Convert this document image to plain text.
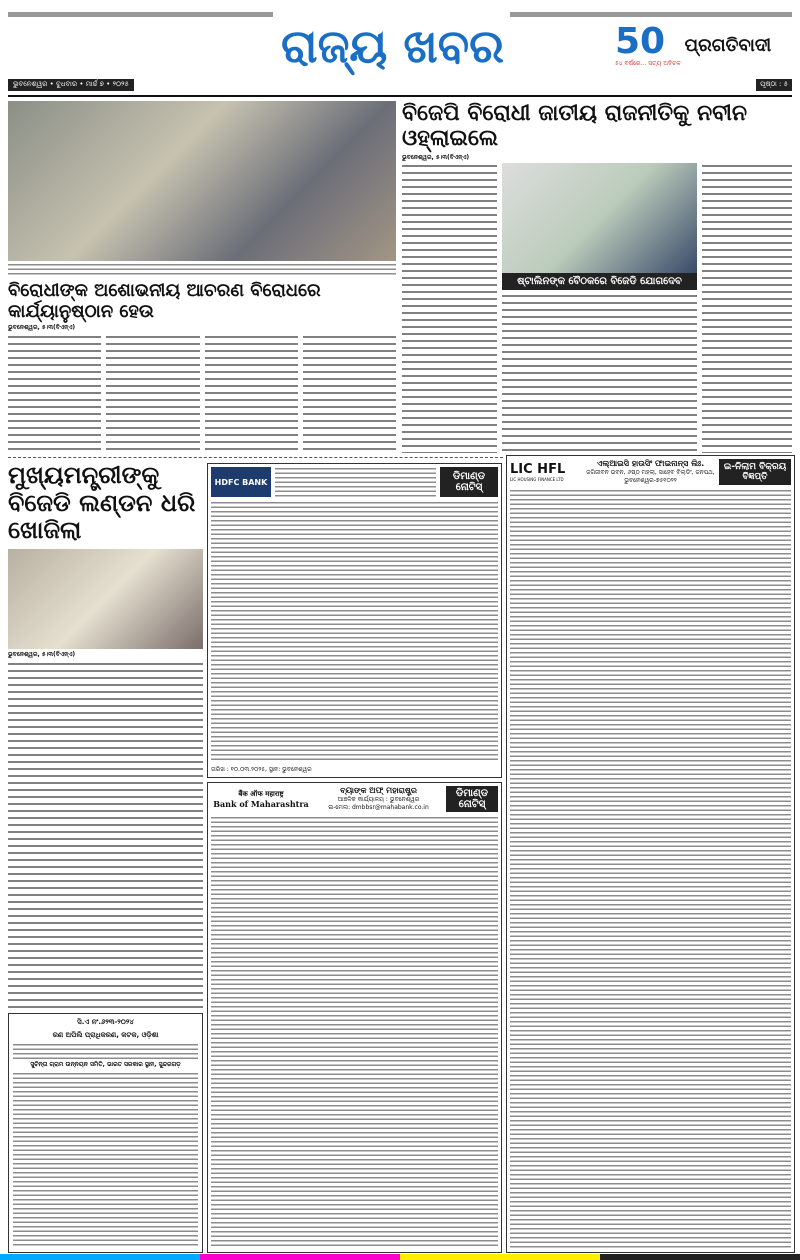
ରାଜ୍ୟ ଖବର	50
୫୪ ବର୍ଷରେ... ସତ୍ୟ ଅବିଚଳ
ପ୍ରଗତିବାଦୀ
ଭୁବନେଶ୍ୱର • ବୁଧବାର • ମାର୍ଚ୍ଚ ୭ • ୨୦୨୫	ପୃଷ୍ଠା : ୫
ବିରୋଧୀଙ୍କ ଅଶୋଭନୀୟ ଆଚରଣ ବିରୋଧରେ କାର୍ଯ୍ୟାନୁଷ୍ଠାନ ହେଉ
ଭୁବନେଶ୍ୱର, ୫।୩(ବିଏନ୍‌ଏ)
ବିଜେପି ବିରୋଧୀ ଜାତୀୟ ରାଜନୀତିକୁ ନବୀନ ଓହ୍ଲାଇଲେ
ଭୁବନେଶ୍ୱର, ୫।୩(ବିଏନ୍‌ଏ)
ଷ୍ଟାଲିନଙ୍କ ବୈଠକରେ ବିଜେଡି ଯୋଗଦେବ
ମୁଖ୍ୟମନ୍ତ୍ରୀଙ୍କୁ ବିଜେଡି ଲଣ୍ଡନ ଧରି ଖୋଜିଲା
ଭୁବନେଶ୍ୱର, ୫।୩(ବିଏନ୍‌ଏ)
ସି.ଏ ନଂ.୬୨୩-୨୦୨୪
ରଣ ଅପିଲି ପ୍ରାଧିକରଣ, କଟକ, ଓଡ଼ିଶା
ସୁଚିନ୍ତା ଗ୍ରାମ ଉନ୍ନୟନ ସମିତି, ଭାରତ ସରକାର ସ୍ଥାନ, ସୁନ୍ଦରଗଡ଼
HDFC BANK	ଡିମାଣ୍ଡ ନୋଟିସ୍
ତାରିଖ : ୧୦.୦୩.୨୦୨୫, ସ୍ଥାନ: ଭୁବନେଶ୍ୱର
बैंक ऑफ महाराष्ट्र
Bank of Maharashtra
ବ୍ୟାଙ୍କ ଅଫ୍ ମହାରାଷ୍ଟ୍ର
ଆଞ୍ଚଳିକ କାର୍ଯ୍ୟାଳୟ : ଭୁବନେଶ୍ୱର
ଇ-ମେଲ: dmbbsr@mahabank.co.in
ଡିମାଣ୍ଡ ନୋଟିସ୍
LIC HFL
LIC HOUSING FINANCE LTD
ଏଲ୍‌ଆଇସି ହାଉସିଂ ଫାଇନାନ୍ସ ଲିଃ.
ଜଗିଜୀବନ ଭବନ, ୬ଷ୍ଠ ମହଲା, ସାହେବ ବିଲ୍ଡିଂ, ଜନପଥ, ଭୁବନେଶ୍ୱର-୭୫୧୦୨୨
ଇ-ନିଲାମ ବିକ୍ରୟ ବିଜ୍ଞପ୍ତି
